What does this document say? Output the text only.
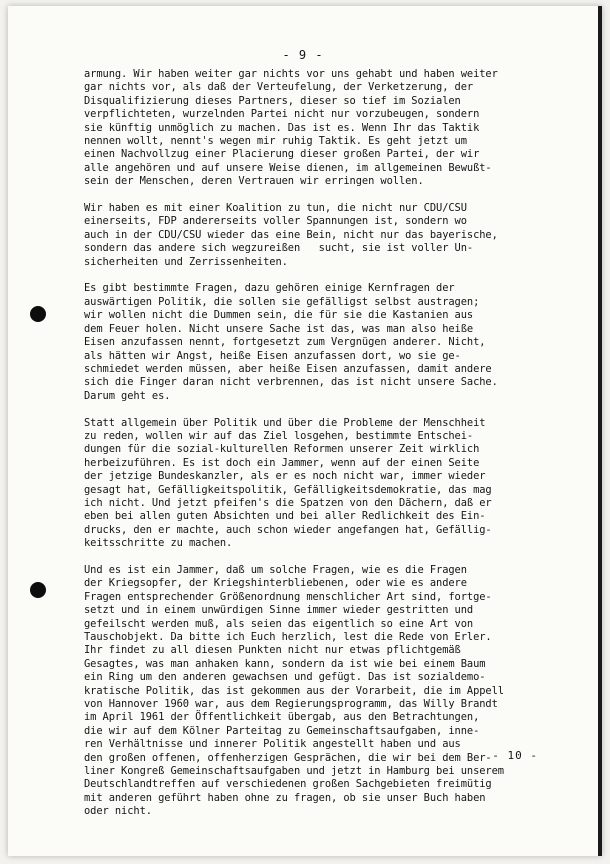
- 9 -
armung. Wir haben weiter gar nichts vor uns gehabt und haben weiter
gar nichts vor, als daß der Verteufelung, der Verketzerung, der
Disqualifizierung dieses Partners, dieser so tief im Sozialen
verpflichteten, wurzelnden Partei nicht nur vorzubeugen, sondern
sie künftig unmöglich zu machen. Das ist es. Wenn Ihr das Taktik
nennen wollt, nennt's wegen mir ruhig Taktik. Es geht jetzt um
einen Nachvollzug einer Placierung dieser großen Partei, der wir
alle angehören und auf unsere Weise dienen, im allgemeinen Bewußt-
sein der Menschen, deren Vertrauen wir erringen wollen.
Wir haben es mit einer Koalition zu tun, die nicht nur CDU/CSU
einerseits, FDP andererseits voller Spannungen ist, sondern wo
auch in der CDU/CSU wieder das eine Bein, nicht nur das bayerische,
sondern das andere sich wegzureißen   sucht, sie ist voller Un-
sicherheiten und Zerrissenheiten.
Es gibt bestimmte Fragen, dazu gehören einige Kernfragen der
auswärtigen Politik, die sollen sie gefälligst selbst austragen;
wir wollen nicht die Dummen sein, die für sie die Kastanien aus
dem Feuer holen. Nicht unsere Sache ist das, was man also heiße
Eisen anzufassen nennt, fortgesetzt zum Vergnügen anderer. Nicht,
als hätten wir Angst, heiße Eisen anzufassen dort, wo sie ge-
schmiedet werden müssen, aber heiße Eisen anzufassen, damit andere
sich die Finger daran nicht verbrennen, das ist nicht unsere Sache.
Darum geht es.
Statt allgemein über Politik und über die Probleme der Menschheit
zu reden, wollen wir auf das Ziel losgehen, bestimmte Entschei-
dungen für die sozial-kulturellen Reformen unserer Zeit wirklich
herbeizuführen. Es ist doch ein Jammer, wenn auf der einen Seite
der jetzige Bundeskanzler, als er es noch nicht war, immer wieder
gesagt hat, Gefälligkeitspolitik, Gefälligkeitsdemokratie, das mag
ich nicht. Und jetzt pfeifen's die Spatzen von den Dächern, daß er
eben bei allen guten Absichten und bei aller Redlichkeit des Ein-
drucks, den er machte, auch schon wieder angefangen hat, Gefällig-
keitsschritte zu machen.
Und es ist ein Jammer, daß um solche Fragen, wie es die Fragen
der Kriegsopfer, der Kriegshinterbliebenen, oder wie es andere
Fragen entsprechender Größenordnung menschlicher Art sind, fortge-
setzt und in einem unwürdigen Sinne immer wieder gestritten und
gefeilscht werden muß, als seien das eigentlich so eine Art von
Tauschobjekt. Da bitte ich Euch herzlich, lest die Rede von Erler.
Ihr findet zu all diesen Punkten nicht nur etwas pflichtgemäß
Gesagtes, was man anhaken kann, sondern da ist wie bei einem Baum
ein Ring um den anderen gewachsen und gefügt. Das ist sozialdemo-
kratische Politik, das ist gekommen aus der Vorarbeit, die im Appell
von Hannover 1960 war, aus dem Regierungsprogramm, das Willy Brandt
im April 1961 der Öffentlichkeit übergab, aus den Betrachtungen,
die wir auf dem Kölner Parteitag zu Gemeinschaftsaufgaben, inne-
ren Verhältnisse und innerer Politik angestellt haben und aus
den großen offenen, offenherzigen Gesprächen, die wir bei dem Ber-
liner Kongreß Gemeinschaftsaufgaben und jetzt in Hamburg bei unserem
Deutschlandtreffen auf verschiedenen großen Sachgebieten freimütig
mit anderen geführt haben ohne zu fragen, ob sie unser Buch haben
oder nicht.
- 10 -
